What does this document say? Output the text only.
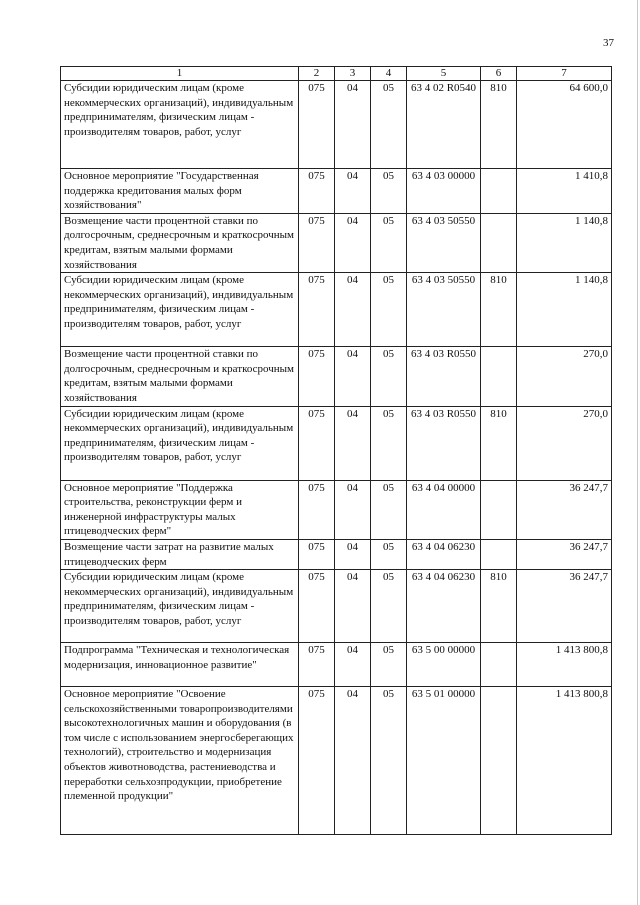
37
1	2	3	4	5	6	7
Субсидии юридическим лицам (кроме некоммерческих организаций), индивидуальным предпринимателям, физическим лицам - производителям товаров, работ, услуг	075	04	05	63 4 02 R0540	810	64 600,0
Основное мероприятие "Государственная поддержка кредитования малых форм хозяйствования"	075	04	05	63 4 03 00000		1 410,8
Возмещение части процентной ставки по долгосрочным, среднесрочным и краткосрочным кредитам, взятым малыми формами хозяйствования	075	04	05	63 4 03 50550		1 140,8
Субсидии юридическим лицам (кроме некоммерческих организаций), индивидуальным предпринимателям, физическим лицам - производителям товаров, работ, услуг	075	04	05	63 4 03 50550	810	1 140,8
Возмещение части процентной ставки по долгосрочным, среднесрочным и краткосрочным кредитам, взятым малыми формами хозяйствования	075	04	05	63 4 03 R0550		270,0
Субсидии юридическим лицам (кроме некоммерческих организаций), индивидуальным предпринимателям, физическим лицам - производителям товаров, работ, услуг	075	04	05	63 4 03 R0550	810	270,0
Основное мероприятие "Поддержка строительства, реконструкции ферм и инженерной инфраструктуры малых птицеводческих ферм"	075	04	05	63 4 04 00000		36 247,7
Возмещение части затрат на развитие малых птицеводческих ферм	075	04	05	63 4 04 06230		36 247,7
Субсидии юридическим лицам (кроме некоммерческих организаций), индивидуальным предпринимателям, физическим лицам - производителям товаров, работ, услуг	075	04	05	63 4 04 06230	810	36 247,7
Подпрограмма "Техническая и технологическая модернизация, инновационное развитие"	075	04	05	63 5 00 00000		1 413 800,8
Основное мероприятие "Освоение сельскохозяйственными товаропроизводителями высокотехнологичных машин и оборудования (в том числе с использованием энергосберегающих технологий), строительство и модернизация объектов животноводства, растениеводства и переработки сельхозпродукции, приобретение племенной продукции"	075	04	05	63 5 01 00000		1 413 800,8
